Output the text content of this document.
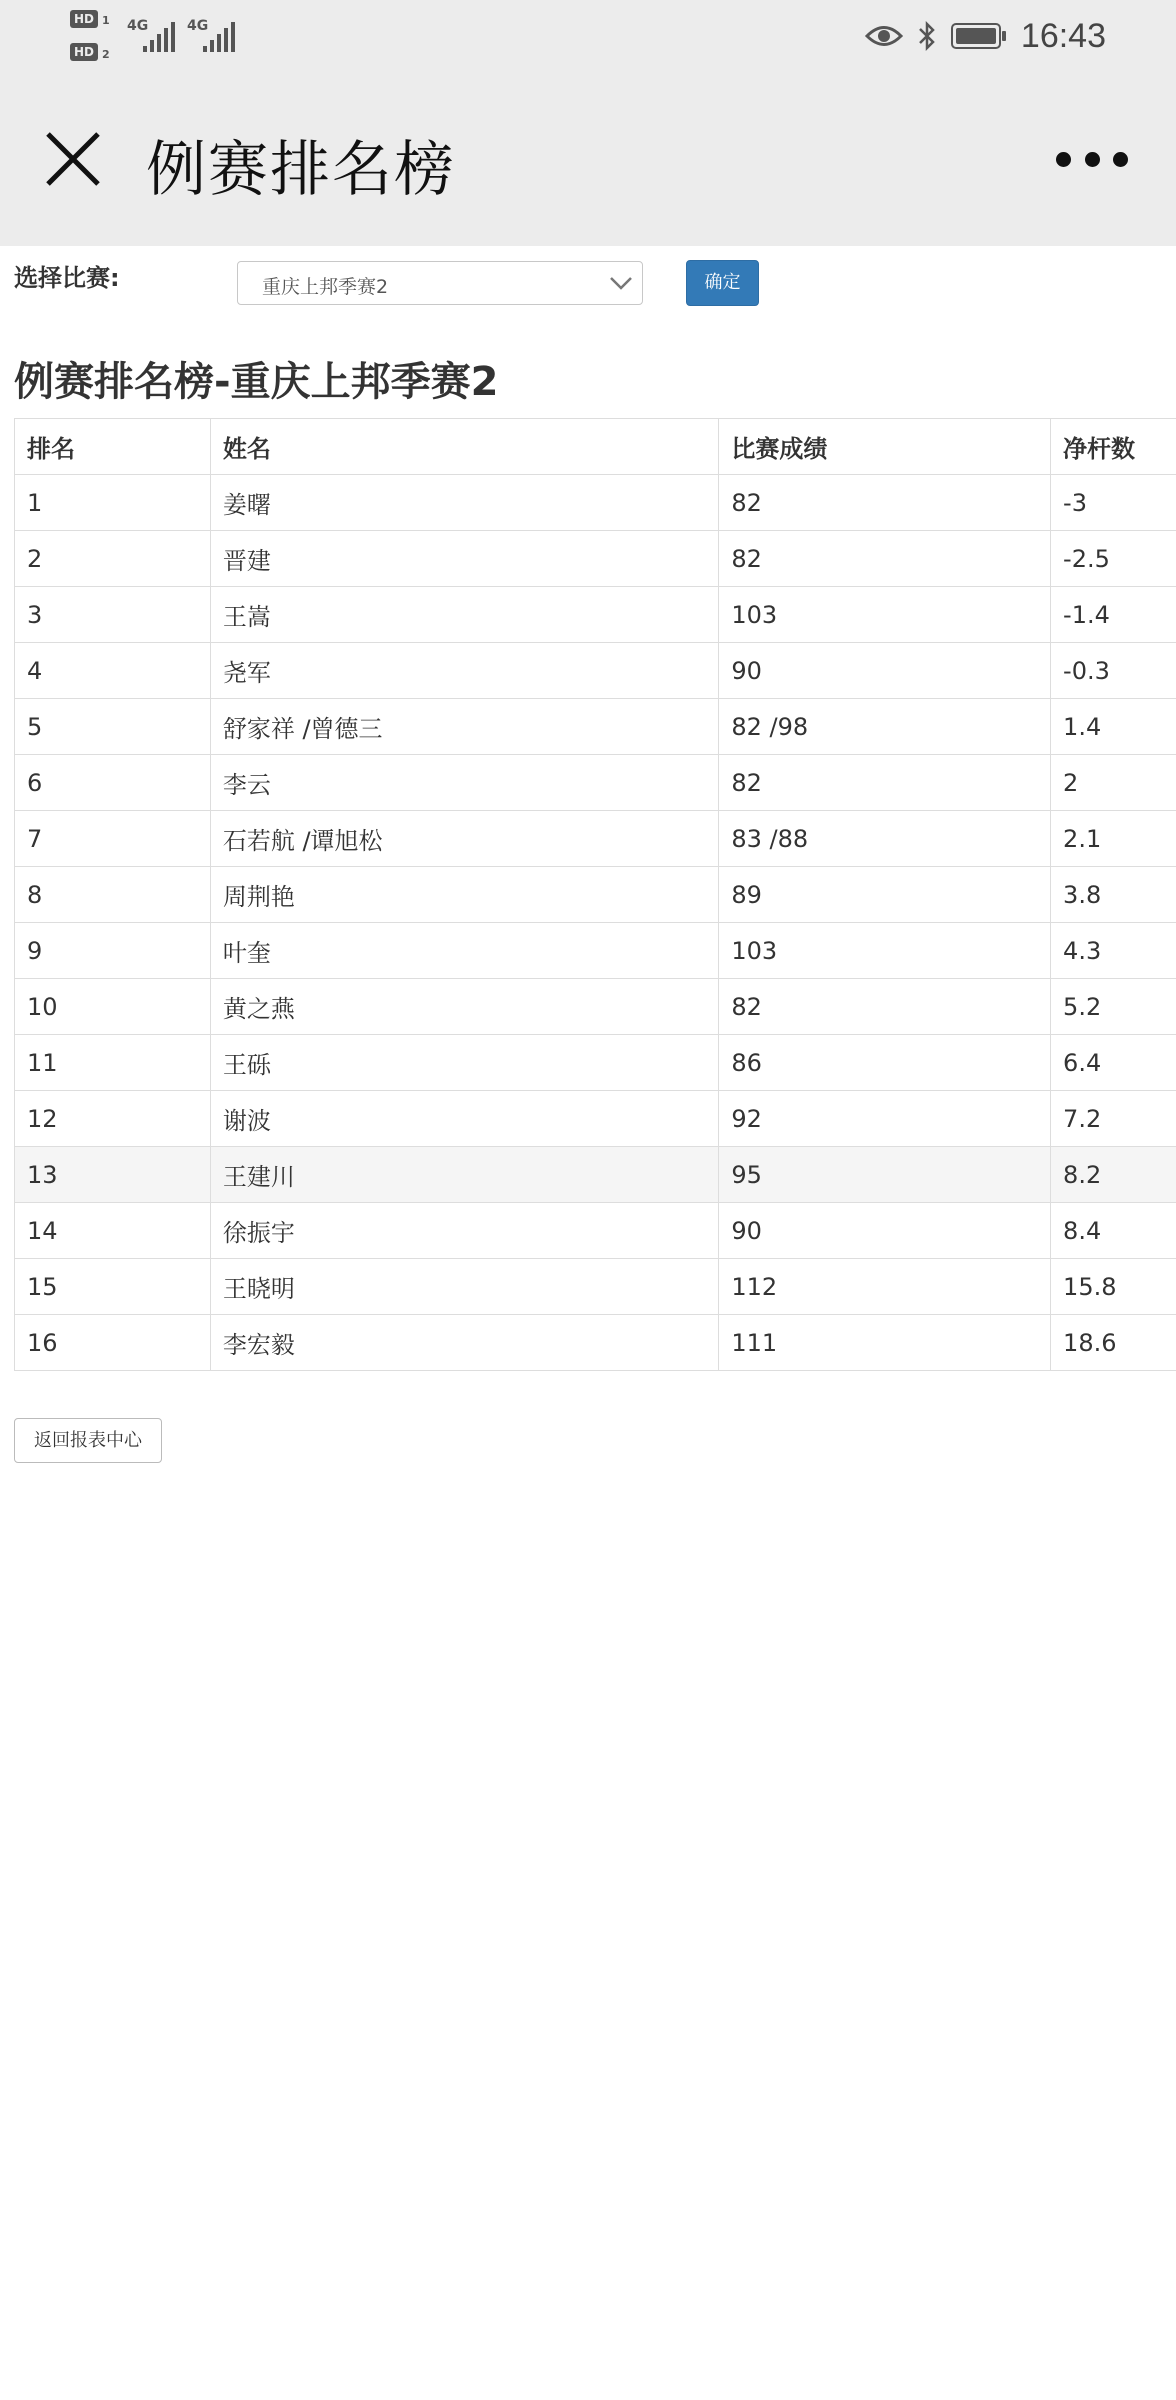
HD 1
HD 2
4G	4G	16:43
例赛排名榜
选择比赛:	重庆上邦季赛2	确定
例赛排名榜-重庆上邦季赛2
排名	姓名	比赛成绩	净杆数
1	姜曙	82	-3
2	晋建	82	-2.5
3	王嵩	103	-1.4
4	尧军	90	-0.3
5	舒家祥 /曾德三	82 /98	1.4
6	李云	82	2
7	石若航 /谭旭松	83 /88	2.1
8	周荆艳	89	3.8
9	叶奎	103	4.3
10	黄之燕	82	5.2
11	王砾	86	6.4
12	谢波	92	7.2
13	王建川	95	8.2
14	徐振宇	90	8.4
15	王晓明	112	15.8
16	李宏毅	111	18.6
返回报表中心
